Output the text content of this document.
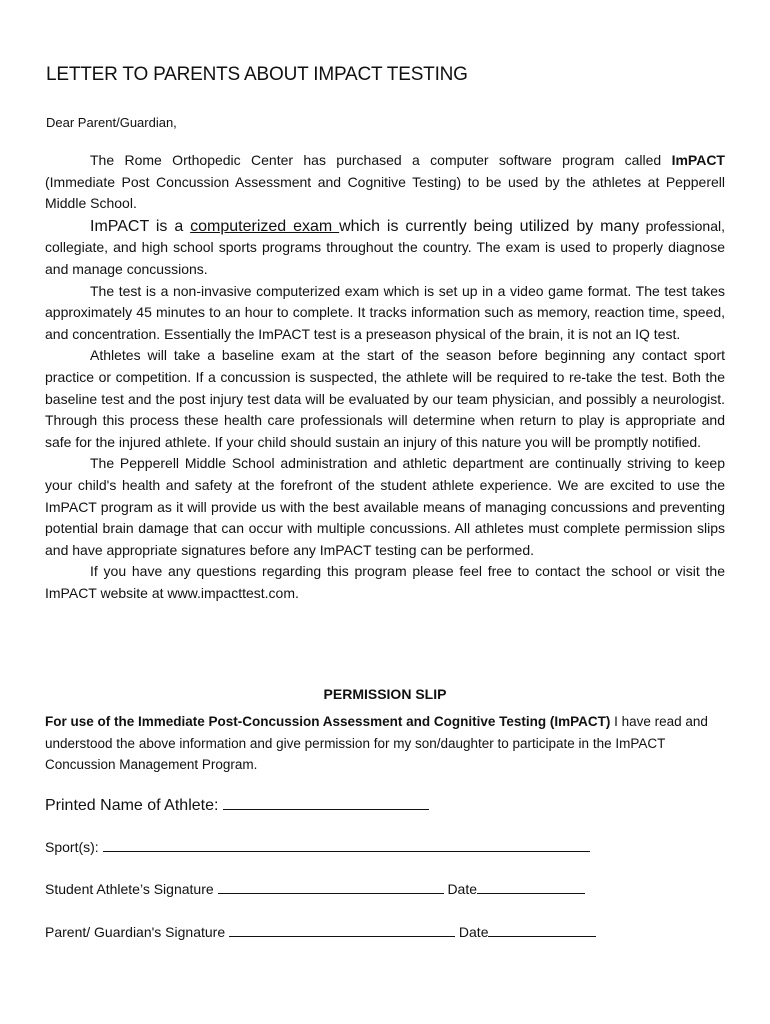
LETTER TO PARENTS ABOUT IMPACT TESTING

Dear Parent/Guardian,

The Rome Orthopedic Center has purchased a computer software program called ImPACT (Immediate Post Concussion Assessment and Cognitive Testing) to be used by the athletes at Pepperell Middle School.

ImPACT is a computerized exam which is currently being utilized by many professional, collegiate, and high school sports programs throughout the country. The exam is used to properly diagnose and manage concussions.

The test is a non-invasive computerized exam which is set up in a video game format. The test takes approximately 45 minutes to an hour to complete. It tracks information such as memory, reaction time, speed, and concentration. Essentially the ImPACT test is a preseason physical of the brain, it is not an IQ test.

Athletes will take a baseline exam at the start of the season before beginning any contact sport practice or competition. If a concussion is suspected, the athlete will be required to re-take the test. Both the baseline test and the post injury test data will be evaluated by our team physician, and possibly a neurologist. Through this process these health care professionals will determine when return to play is appropriate and safe for the injured athlete. If your child should sustain an injury of this nature you will be promptly notified.

The Pepperell Middle School administration and athletic department are continually striving to keep your child's health and safety at the forefront of the student athlete experience. We are excited to use the ImPACT program as it will provide us with the best available means of managing concussions and preventing potential brain damage that can occur with multiple concussions. All athletes must complete permission slips and have appropriate signatures before any ImPACT testing can be performed.

If you have any questions regarding this program please feel free to contact the school or visit the ImPACT website at www.impacttest.com.

PERMISSION SLIP

For use of the Immediate Post-Concussion Assessment and Cognitive Testing (ImPACT) I have read and understood the above information and give permission for my son/daughter to participate in the ImPACT Concussion Management Program.

Printed Name of Athlete:

Sport(s):

Student Athlete’s Signature	Date

Parent/ Guardian's Signature	Date
